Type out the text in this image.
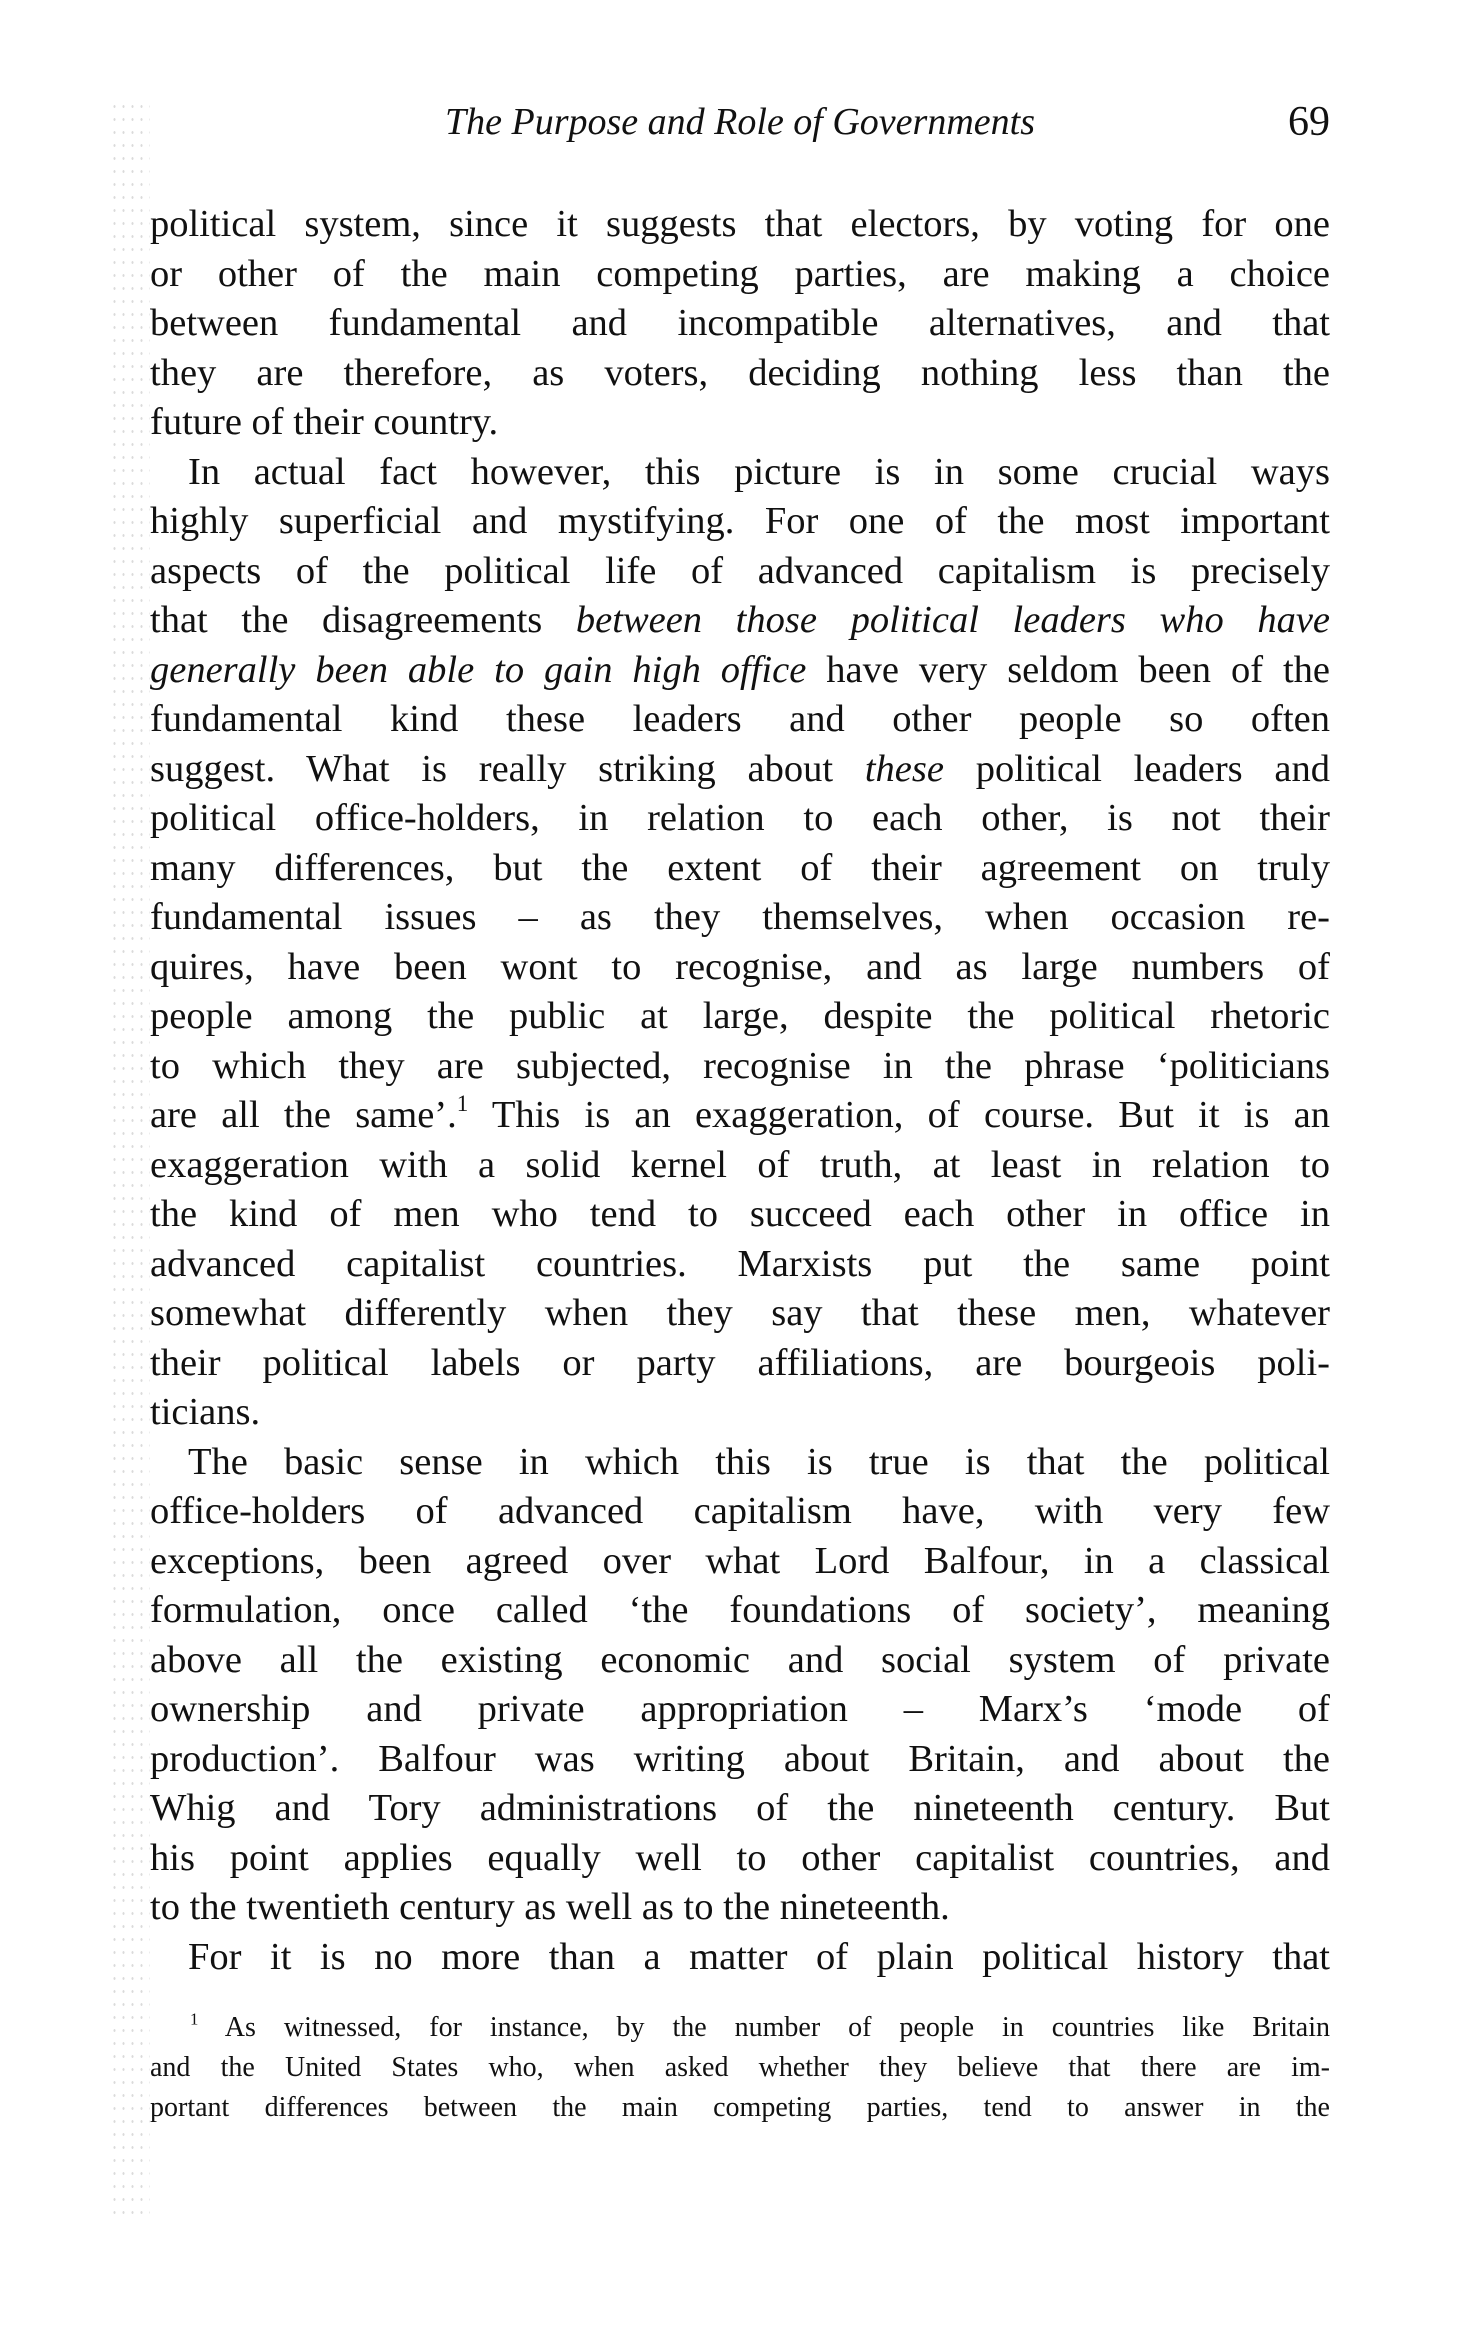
The Purpose and Role of Governments	69
political system, since it suggests that electors, by voting for one
or other of the main competing parties, are making a choice
between fundamental and incompatible alternatives, and that
they are therefore, as voters, deciding nothing less than the
future of their country.
In actual fact however, this picture is in some crucial ways
highly superficial and mystifying. For one of the most important
aspects of the political life of advanced capitalism is precisely
that the disagreements between those political leaders who have
generally been able to gain high office have very seldom been of the
fundamental kind these leaders and other people so often
suggest. What is really striking about these political leaders and
political office-holders, in relation to each other, is not their
many differences, but the extent of their agreement on truly
fundamental issues – as they themselves, when occasion re-
quires, have been wont to recognise, and as large numbers of
people among the public at large, despite the political rhetoric
to which they are subjected, recognise in the phrase ‘politicians
are all the same’.$^1$ This is an exaggeration, of course. But it is an
exaggeration with a solid kernel of truth, at least in relation to
the kind of men who tend to succeed each other in office in
advanced capitalist countries. Marxists put the same point
somewhat differently when they say that these men, whatever
their political labels or party affiliations, are bourgeois poli-
ticians.
The basic sense in which this is true is that the political
office-holders of advanced capitalism have, with very few
exceptions, been agreed over what Lord Balfour, in a classical
formulation, once called ‘the foundations of society’, meaning
above all the existing economic and social system of private
ownership and private appropriation – Marx’s ‘mode of
production’. Balfour was writing about Britain, and about the
Whig and Tory administrations of the nineteenth century. But
his point applies equally well to other capitalist countries, and
to the twentieth century as well as to the nineteenth.
For it is no more than a matter of plain political history that
$^1$ As witnessed, for instance, by the number of people in countries like Britain
and the United States who, when asked whether they believe that there are im-
portant differences between the main competing parties, tend to answer in the
